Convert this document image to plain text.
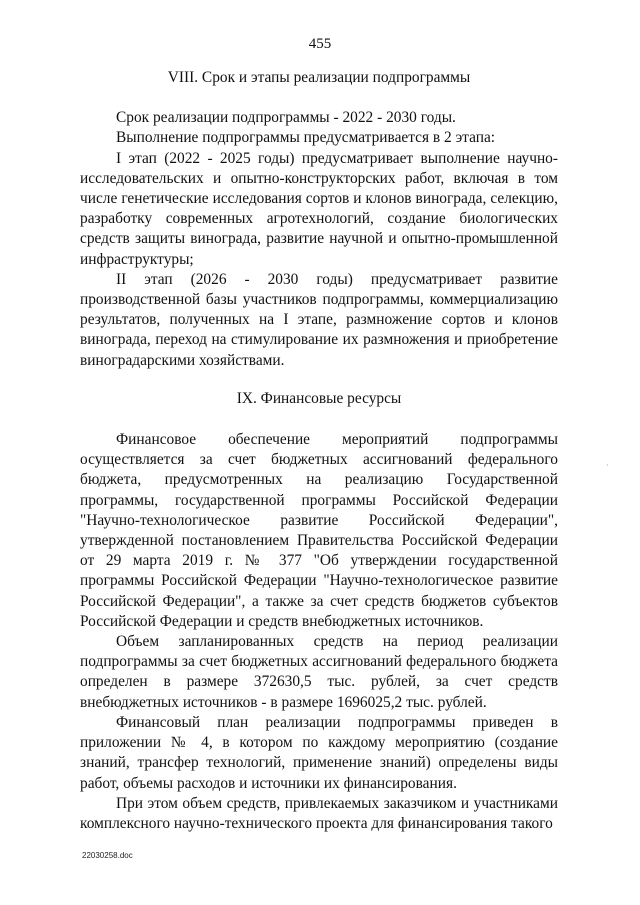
455
VIII. Срок и этапы реализации подпрограммы

Срок реализации подпрограммы - 2022 - 2030 годы.

Выполнение подпрограммы предусматривается в 2 этапа:

I этап (2022 - 2025 годы) предусматривает выполнение научно-исследовательских и опытно-конструкторских работ, включая в том числе генетические исследования сортов и клонов винограда, селекцию, разработку современных агротехнологий, создание биологических средств защиты винограда, развитие научной и опытно-промышленной инфраструктуры;

II этап (2026 - 2030 годы) предусматривает развитие производственной базы участников подпрограммы, коммерциализацию результатов, полученных на I этапе, размножение сортов и клонов винограда, переход на стимулирование их размножения и приобретение виноградарскими хозяйствами.

IX. Финансовые ресурсы

Финансовое обеспечение мероприятий подпрограммы осуществляется за счет бюджетных ассигнований федерального бюджета, предусмотренных на реализацию Государственной программы, государственной программы Российской Федерации "Научно-технологическое развитие Российской Федерации", утвержденной постановлением Правительства Российской Федерации от 29 марта 2019 г. № 377 "Об утверждении государственной программы Российской Федерации "Научно-технологическое развитие Российской Федерации", а также за счет средств бюджетов субъектов Российской Федерации и средств внебюджетных источников.

Объем запланированных средств на период реализации подпрограммы за счет бюджетных ассигнований федерального бюджета определен в размере 372630,5 тыс. рублей, за счет средств внебюджетных источников - в размере 1696025,2 тыс. рублей.

Финансовый план реализации подпрограммы приведен в приложении № 4, в котором по каждому мероприятию (создание знаний, трансфер технологий, применение знаний) определены виды работ, объемы расходов и источники их финансирования.

При этом объем средств, привлекаемых заказчиком и участниками комплексного научно-технического проекта для финансирования такого

·
22030258.doc
